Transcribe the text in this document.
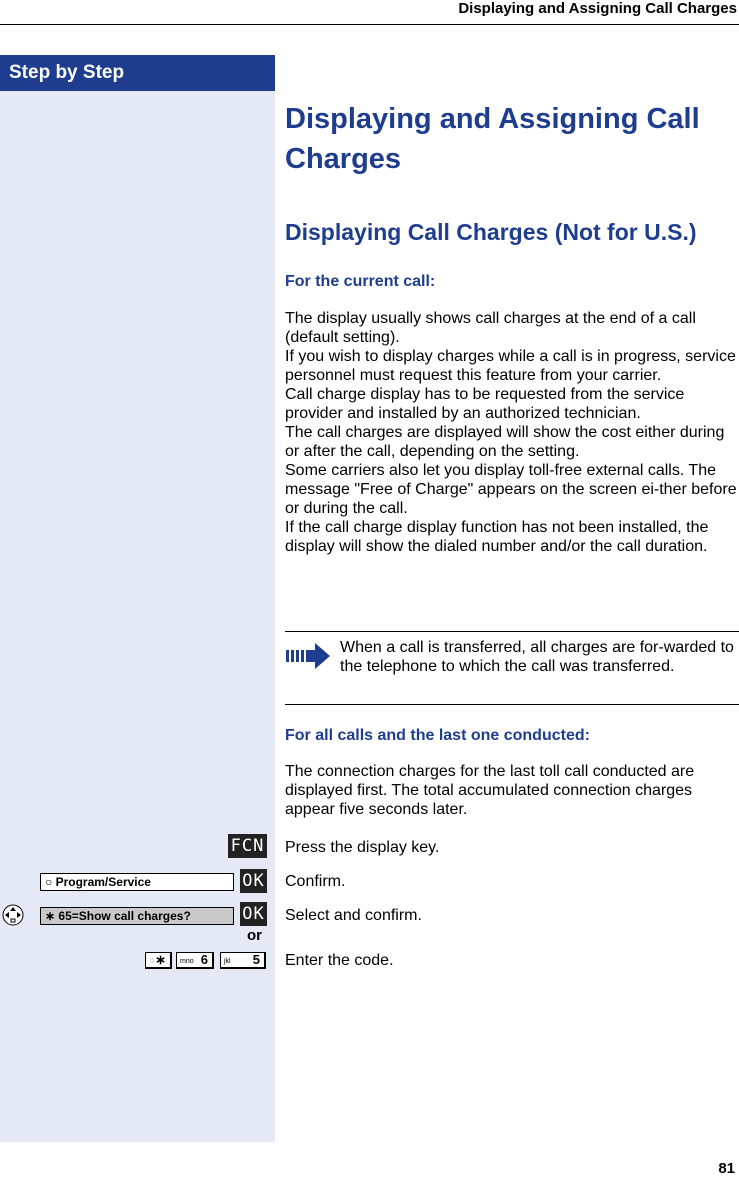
Displaying and Assigning Call Charges
Step by Step
Displaying and Assigning Call Charges
Displaying Call Charges (Not for U.S.)
For the current call:

The display usually shows call charges at the end of a call (default setting).

If you wish to display charges while a call is in progress, service personnel must request this feature from your carrier.

Call charge display has to be requested from the service provider and installed by an authorized technician.

The call charges are displayed will show the cost either during or after the call, depending on the setting.

Some carriers also let you display toll-free external calls. The message "Free of Charge" appears on the screen ei-ther before or during the call.

If the call charge display function has not been installed, the display will show the dialed number and/or the call duration.

When a call is transferred, all charges are for-warded to the telephone to which the call was transferred.
For all calls and the last one conducted:

The connection charges for the last toll call conducted are displayed first. The total accumulated connection charges appear five seconds later.

FCN Press the display key.
○ Program/Service	OK Confirm.
∗ 65=Show call charges?	OK Select and confirm.
or
♢ ∗ mno 6 jkl 5 Enter the code.
81
